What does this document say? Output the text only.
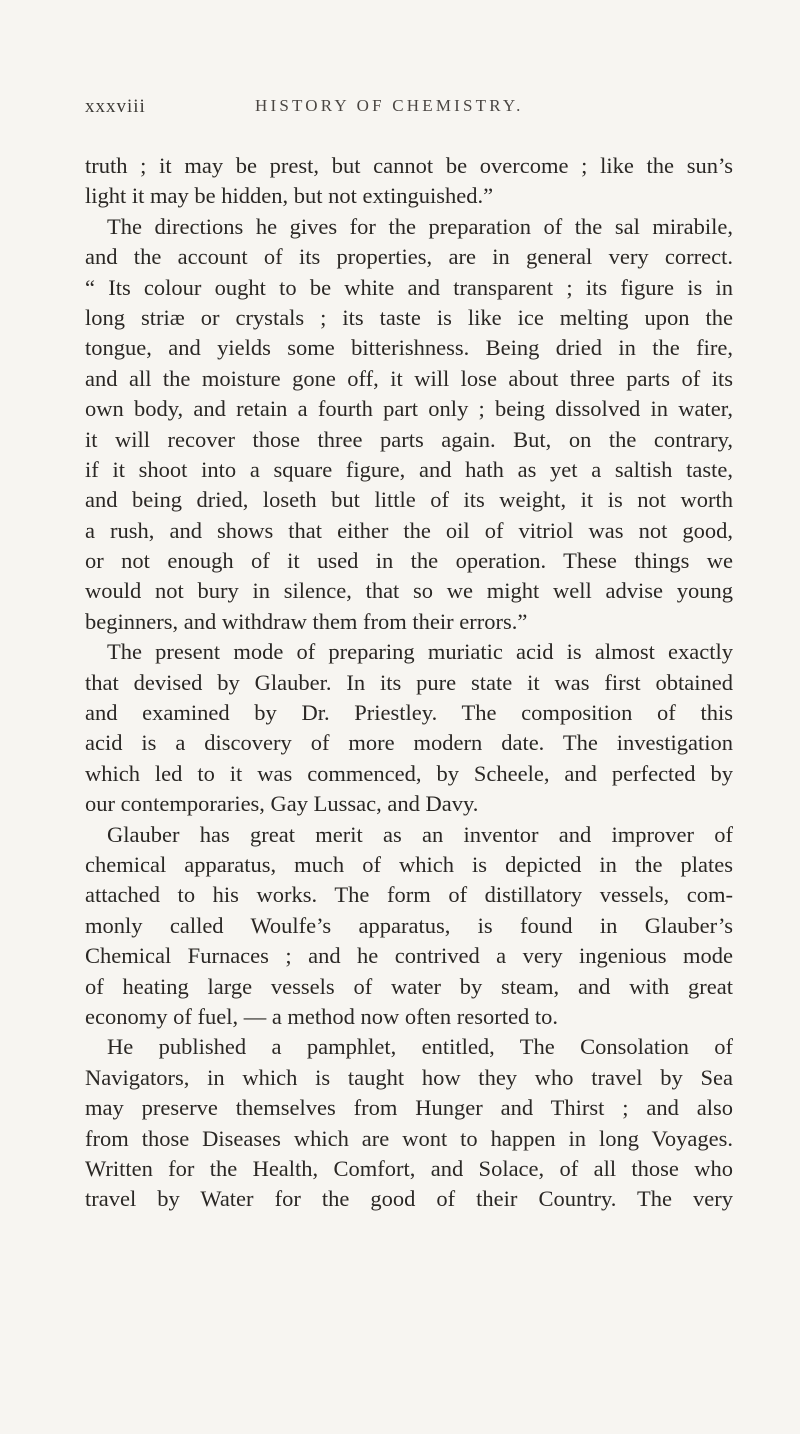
xxxviii	HISTORY OF CHEMISTRY.
truth ; it may be prest, but cannot be overcome ; like the sun’s
light it may be hidden, but not extinguished.”
The directions he gives for the preparation of the sal mirabile,
and the account of its properties, are in general very correct.
“ Its colour ought to be white and transparent ; its figure is in
long striæ or crystals ; its taste is like ice melting upon the
tongue, and yields some bitterishness. Being dried in the fire,
and all the moisture gone off, it will lose about three parts of its
own body, and retain a fourth part only ; being dissolved in water,
it will recover those three parts again. But, on the contrary,
if it shoot into a square figure, and hath as yet a saltish taste,
and being dried, loseth but little of its weight, it is not worth
a rush, and shows that either the oil of vitriol was not good,
or not enough of it used in the operation. These things we
would not bury in silence, that so we might well advise young
beginners, and withdraw them from their errors.”
The present mode of preparing muriatic acid is almost exactly
that devised by Glauber. In its pure state it was first obtained
and examined by Dr. Priestley. The composition of this
acid is a discovery of more modern date. The investigation
which led to it was commenced, by Scheele, and perfected by
our contemporaries, Gay Lussac, and Davy.
Glauber has great merit as an inventor and improver of
chemical apparatus, much of which is depicted in the plates
attached to his works. The form of distillatory vessels, com-
monly called Woulfe’s apparatus, is found in Glauber’s
Chemical Furnaces ; and he contrived a very ingenious mode
of heating large vessels of water by steam, and with great
economy of fuel, — a method now often resorted to.
He published a pamphlet, entitled, The Consolation of
Navigators, in which is taught how they who travel by Sea
may preserve themselves from Hunger and Thirst ; and also
from those Diseases which are wont to happen in long Voyages.
Written for the Health, Comfort, and Solace, of all those who
travel by Water for the good of their Country. The very
